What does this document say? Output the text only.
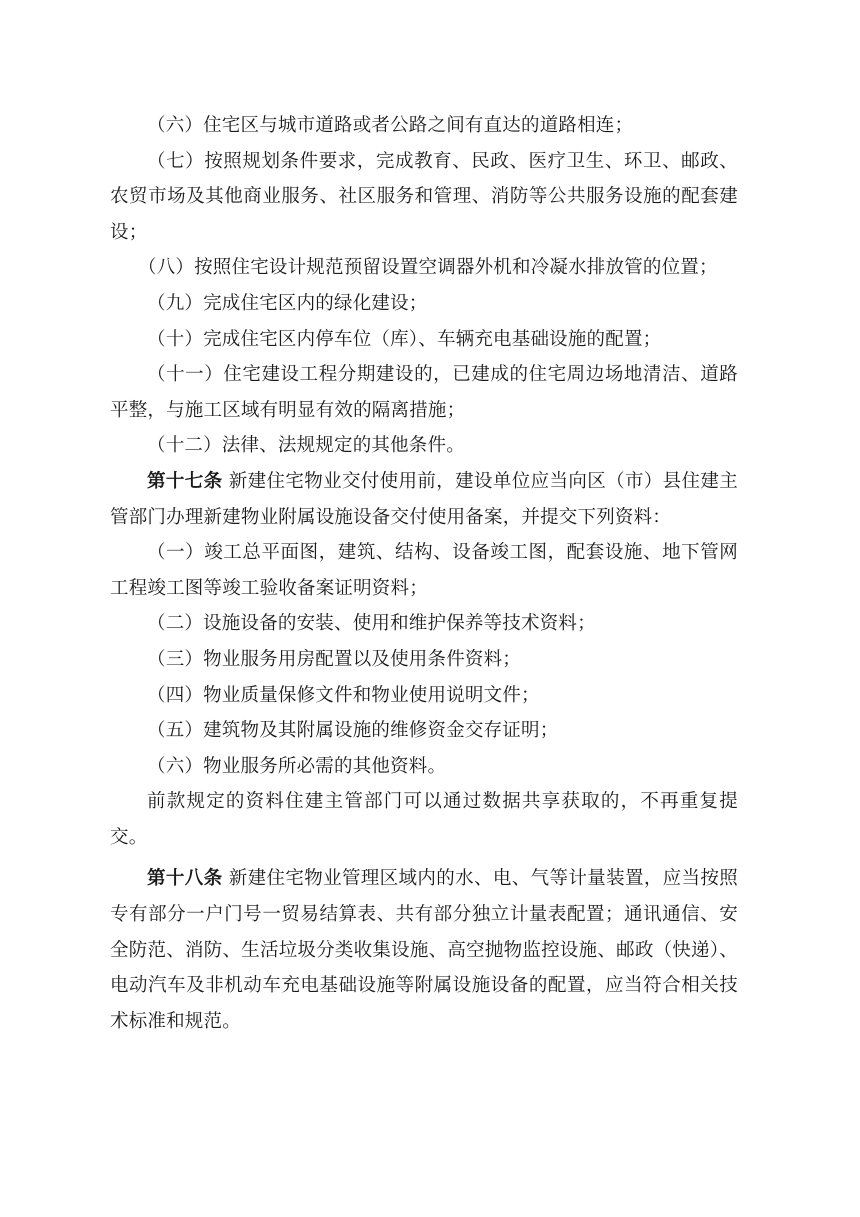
（六）住宅区与城市道路或者公路之间有直达的道路相连；

（七）按照规划条件要求，完成教育、民政、医疗卫生、环卫、邮政、农贸市场及其他商业服务、社区服务和管理、消防等公共服务设施的配套建设；

（八）按照住宅设计规范预留设置空调器外机和冷凝水排放管的位置；

（九）完成住宅区内的绿化建设；

（十）完成住宅区内停车位（库）、车辆充电基础设施的配置；

（十一）住宅建设工程分期建设的，已建成的住宅周边场地清洁、道路平整，与施工区域有明显有效的隔离措施；

（十二）法律、法规规定的其他条件。

第十七条 新建住宅物业交付使用前，建设单位应当向区（市）县住建主管部门办理新建物业附属设施设备交付使用备案，并提交下列资料：

（一）竣工总平面图，建筑、结构、设备竣工图，配套设施、地下管网工程竣工图等竣工验收备案证明资料；

（二）设施设备的安装、使用和维护保养等技术资料；

（三）物业服务用房配置以及使用条件资料；

（四）物业质量保修文件和物业使用说明文件；

（五）建筑物及其附属设施的维修资金交存证明；

（六）物业服务所必需的其他资料。

前款规定的资料住建主管部门可以通过数据共享获取的，不再重复提交。

第十八条 新建住宅物业管理区域内的水、电、气等计量装置，应当按照专有部分一户门号一贸易结算表、共有部分独立计量表配置；通讯通信、安全防范、消防、生活垃圾分类收集设施、高空抛物监控设施、邮政（快递）、电动汽车及非机动车充电基础设施等附属设施设备的配置，应当符合相关技术标准和规范。
